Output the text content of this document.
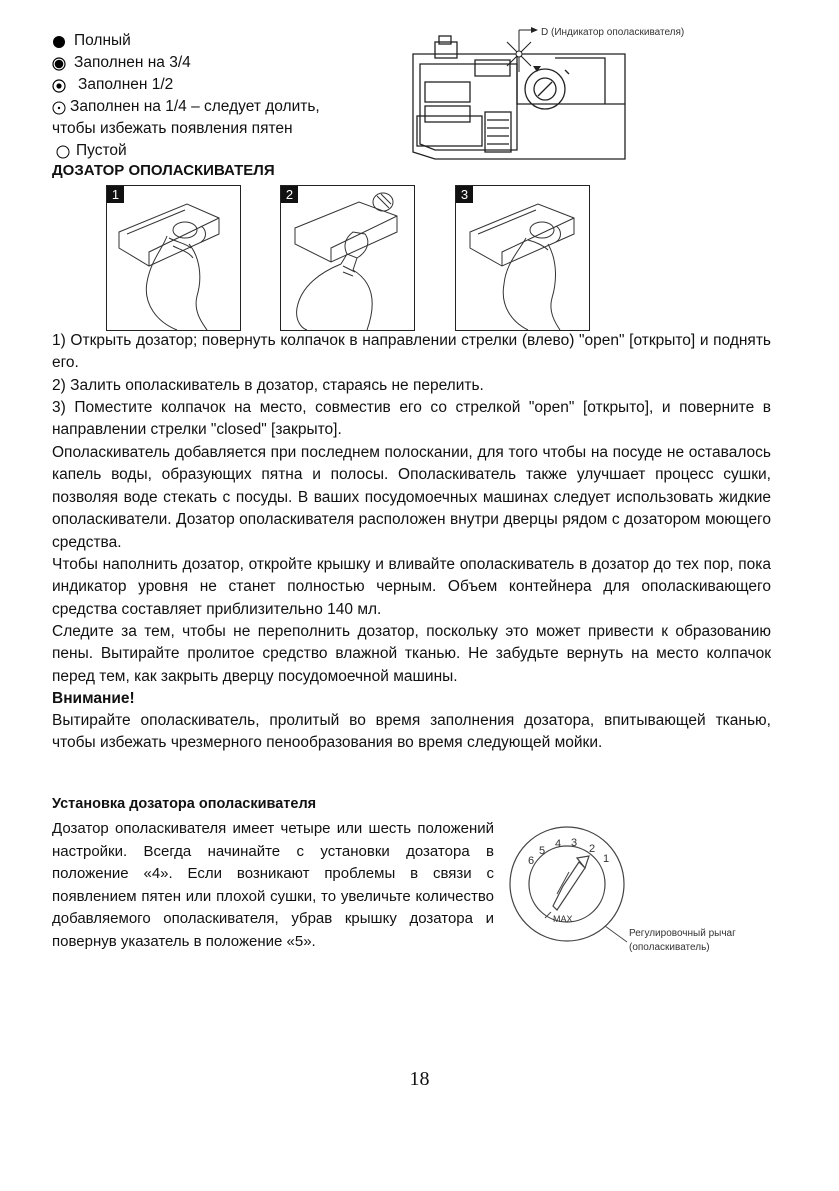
Полный
Заполнен на 3/4
Заполнен 1/2
Заполнен на 1/4 – следует долить,
чтобы избежать появления пятен
Пустой
D (Индикатор ополаскивателя)
ДОЗАТОР ОПОЛАСКИВАТЕЛЯ
1	2	3

1) Открыть дозатор; повернуть колпачок в направлении стрелки (влево) "open" [открыто] и поднять его.

2) Залить ополаскиватель в дозатор, стараясь не перелить.

3) Поместите колпачок на место, совместив его со стрелкой "open" [открыто], и поверните в направлении стрелки "closed" [закрыто].

Ополаскиватель добавляется при последнем полоскании, для того чтобы на посуде не оставалось капель воды, образующих пятна и полосы. Ополаскиватель также улучшает процесс сушки, позволяя воде стекать с посуды. В ваших посудомоечных машинах следует использовать жидкие ополаскиватели. Дозатор ополаскивателя расположен внутри дверцы рядом с дозатором моющего средства.

Чтобы наполнить дозатор, откройте крышку и вливайте ополаскиватель в дозатор до тех пор, пока индикатор уровня не станет полностью черным. Объем контейнера для ополаскивающего средства составляет приблизительно 140 мл.

Следите за тем, чтобы не переполнить дозатор, поскольку это может привести к образованию пены. Вытирайте пролитое средство влажной тканью. Не забудьте вернуть на место колпачок перед тем, как закрыть дверцу посудомоечной машины.

Внимание!

Вытирайте ополаскиватель, пролитый во время заполнения дозатора, впитывающей тканью, чтобы избежать чрезмерного пенообразования во время следующей мойки.

Установка дозатора ополаскивателя

Дозатор ополаскивателя имеет четыре или шесть положений настройки. Всегда начинайте с установки дозатора в положение «4». Если возникают проблемы в связи с появлением пятен или плохой сушки, то увеличьте количество добавляемого ополаскивателя, убрав крышку дозатора и повернув указатель в положение «5».

6
5
4 3 2
1
MAX
Регулировочный рычаг
(ополаскиватель)
18
